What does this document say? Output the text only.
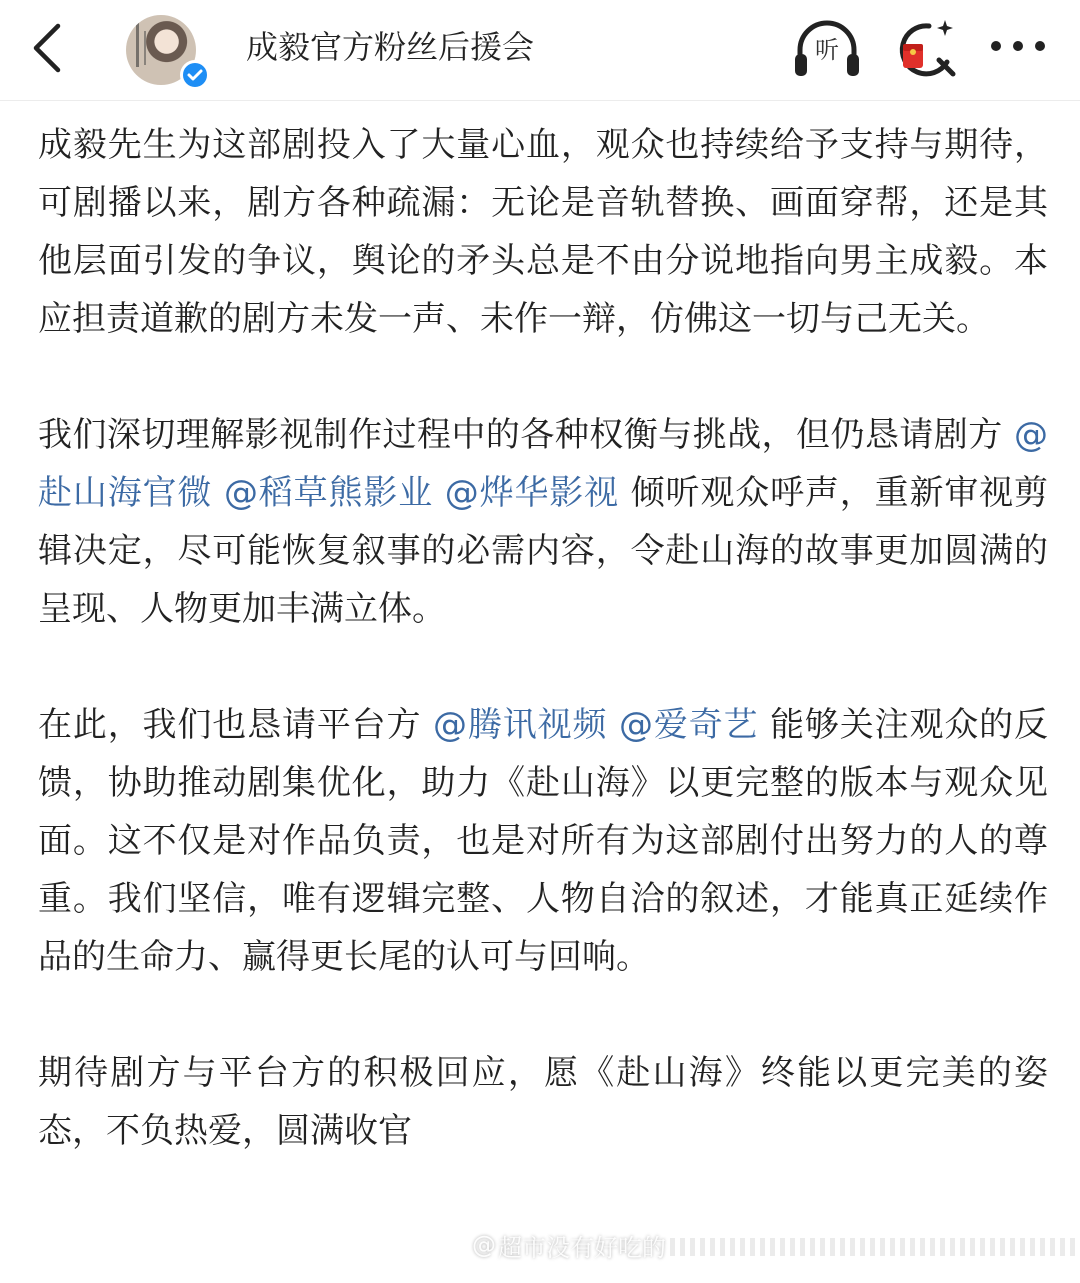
成毅官方粉丝后援会	听

成毅先生为这部剧投入了大量心血，观众也持续给予支持与期待，可剧播以来，剧方各种疏漏：无论是音轨替换、画面穿帮，还是其他层面引发的争议，舆论的矛头总是不由分说地指向男主成毅。本应担责道歉的剧方未发一声、未作一辩，仿佛这一切与己无关。

我们深切理解影视制作过程中的各种权衡与挑战，但仍恳请剧方 @赴山海官微 @稻草熊影业 @烨华影视 倾听观众呼声，重新审视剪辑决定，尽可能恢复叙事的必需内容，令赴山海的故事更加圆满的呈现、人物更加丰满立体。

在此，我们也恳请平台方 @腾讯视频 @爱奇艺 能够关注观众的反馈，协助推动剧集优化，助力《赴山海》以更完整的版本与观众见面。这不仅是对作品负责，也是对所有为这部剧付出努力的人的尊重。我们坚信，唯有逻辑完整、人物自洽的叙述，才能真正延续作品的生命力、赢得更长尾的认可与回响。

期待剧方与平台方的积极回应，愿《赴山海》终能以更完美的姿态，不负热爱，圆满收官

@ 超市没有好吃的
